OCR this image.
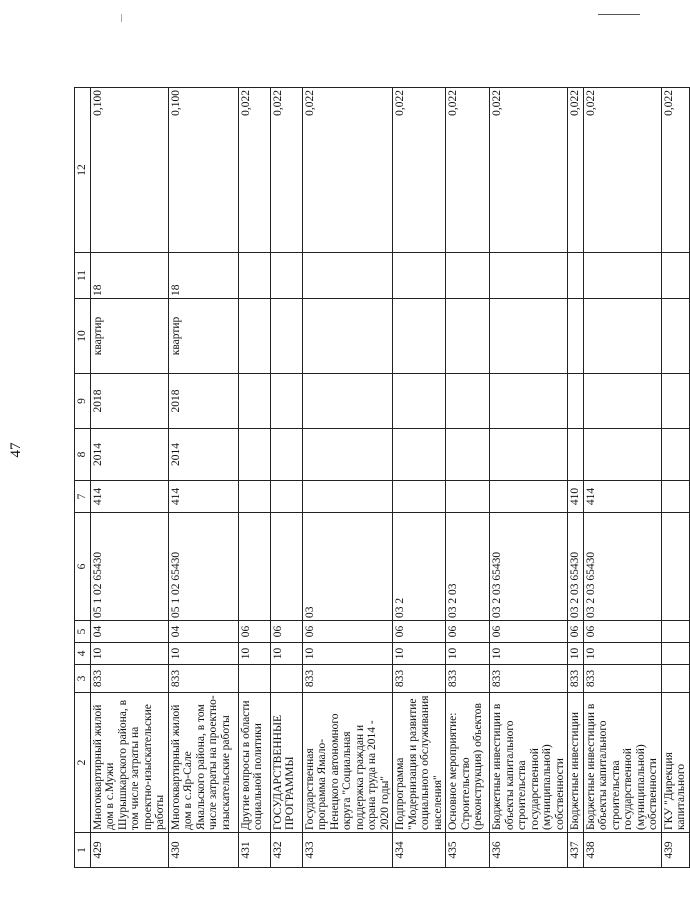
47
1	2	3	4	5	6	7	8	9	10	11	12
429	Многоквартирный жилой дом в с.Мужи Шурышкарского района, в том числе затраты на проектно-изыскательские работы	833	10	04	05 1 02 65430	414	2014	2018	квартир	18	0,100
430	Многоквартирный жилой дом в с.Яр-Сале Ямальского района, в том числе затраты на проектно-изыскательские работы	833	10	04	05 1 02 65430	414	2014	2018	квартир	18	0,100
431	Другие вопросы в области социальной политики		10	06							0,022
432	ГОСУДАРСТВЕННЫЕ ПРОГРАММЫ		10	06							0,022
433	Государственная программа Ямало-Ненецкого автономного округа "Социальная поддержка граждан и охрана труда на 2014 - 2020 годы"	833	10	06	03						0,022
434	Подпрограмма "Модернизация и развитие социального обслуживания населения"	833	10	06	03 2						0,022
435	Основное мероприятие: Строительство (реконструкция) объектов	833	10	06	03 2 03						0,022
436	Бюджетные инвестиции в объекты капитального строительства государственной (муниципальной) собственности	833	10	06	03 2 03 65430						0,022
437	Бюджетные инвестиции	833	10	06	03 2 03 65430	410					0,022
438	Бюджетные инвестиции в объекты капитального строительства государственной (муниципальной) собственности	833	10	06	03 2 03 65430	414					0,022
439	ГКУ "Дирекция капитального										0,022
